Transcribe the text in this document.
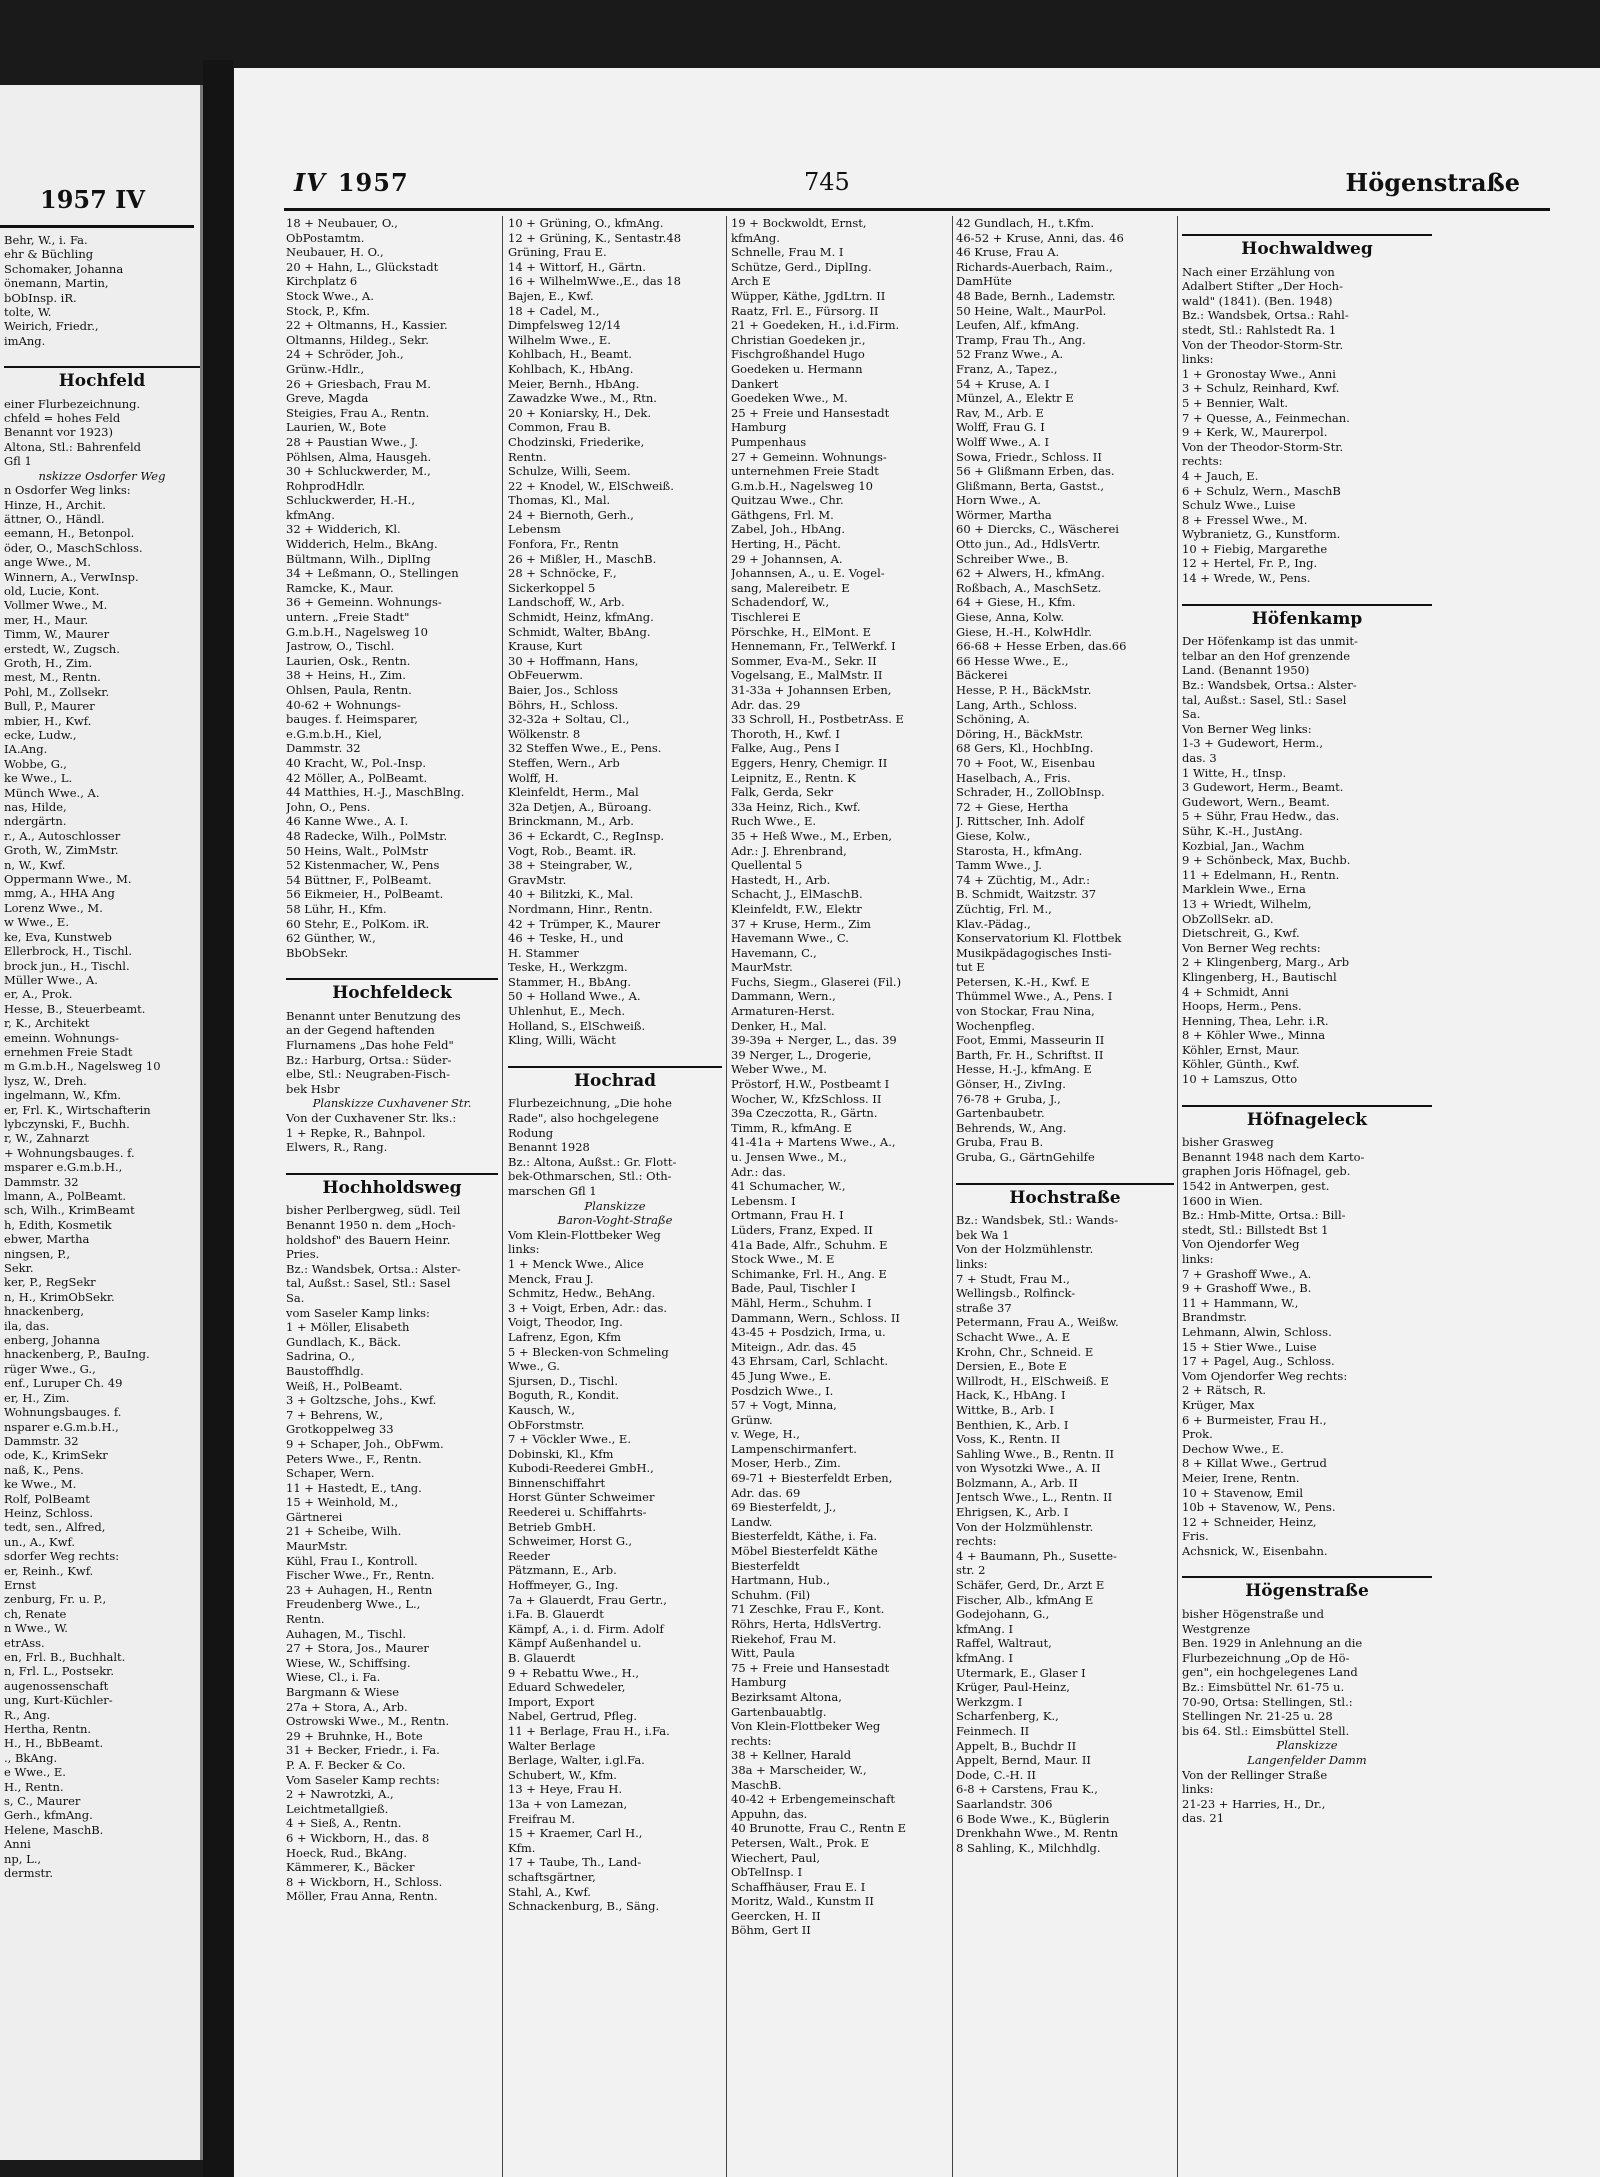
1957 IV
Behr, W., i. Fa.
ehr & Büchling
Schomaker, Johanna
önemann, Martin,
bObInsp. iR.
tolte, W.
Weirich, Friedr.,
imAng.
Hochfeld
einer Flurbezeichnung.
chfeld = hohes Feld
Benannt vor 1923)
Altona, Stl.: Bahrenfeld
Gfl 1
nskizze Osdorfer Weg
n Osdorfer Weg links:
Hinze, H., Archit.
ättner, O., Händl.
eemann, H., Betonpol.
öder, O., MaschSchloss.
ange Wwe., M.
Winnern, A., VerwInsp.
old, Lucie, Kont.
Vollmer Wwe., M.
mer, H., Maur.
Timm, W., Maurer
erstedt, W., Zugsch.
Groth, H., Zim.
mest, M., Rentn.
Pohl, M., Zollsekr.
Bull, P., Maurer
mbier, H., Kwf.
ecke, Ludw.,
IA.Ang.
Wobbe, G.,
ke Wwe., L.
Münch Wwe., A.
nas, Hilde,
ndergärtn.
r., A., Autoschlosser
Groth, W., ZimMstr.
n, W., Kwf.
Oppermann Wwe., M.
mmg, A., HHA Ang
Lorenz Wwe., M.
w Wwe., E.
ke, Eva, Kunstweb
Ellerbrock, H., Tischl.
brock jun., H., Tischl.
Müller Wwe., A.
er, A., Prok.
Hesse, B., Steuerbeamt.
r, K., Architekt
emeinn. Wohnungs-
ernehmen Freie Stadt
m G.m.b.H., Nagelsweg 10
lysz, W., Dreh.
ingelmann, W., Kfm.
er, Frl. K., Wirtschafterin
lybczynski, F., Buchh.
r, W., Zahnarzt
+ Wohnungsbauges. f.
msparer e.G.m.b.H.,
Dammstr. 32
lmann, A., PolBeamt.
sch, Wilh., KrimBeamt
h, Edith, Kosmetik
ebwer, Martha
ningsen, P.,
Sekr.
ker, P., RegSekr
n, H., KrimObSekr.
hnackenberg,
ila, das.
enberg, Johanna
hnackenberg, P., BauIng.
rüger Wwe., G.,
enf., Luruper Ch. 49
er, H., Zim.
Wohnungsbauges. f.
nsparer e.G.m.b.H.,
Dammstr. 32
ode, K., KrimSekr
naß, K., Pens.
ke Wwe., M.
Rolf, PolBeamt
Heinz, Schloss.
tedt, sen., Alfred,
un., A., Kwf.
sdorfer Weg rechts:
er, Reinh., Kwf.
Ernst
zenburg, Fr. u. P.,
ch, Renate
n Wwe., W.
etrAss.
en, Frl. B., Buchhalt.
n, Frl. L., Postsekr.
augenossenschaft
ung, Kurt-Küchler-
R., Ang.
Hertha, Rentn.
H., H., BbBeamt.
., BkAng.
e Wwe., E.
H., Rentn.
s, C., Maurer
Gerh., kfmAng.
Helene, MaschB.
Anni
np, L.,
dermstr.
IV 1957	745	Högenstraße
18 + Neubauer, O.,
ObPostamtm.
Neubauer, H. O.,
20 + Hahn, L., Glückstadt
Kirchplatz 6
Stock Wwe., A.
Stock, P., Kfm.
22 + Oltmanns, H., Kassier.
Oltmanns, Hildeg., Sekr.
24 + Schröder, Joh.,
Grünw.-Hdlr.,
26 + Griesbach, Frau M.
Greve, Magda
Steigies, Frau A., Rentn.
Laurien, W., Bote
28 + Paustian Wwe., J.
Pöhlsen, Alma, Hausgeh.
30 + Schluckwerder, M.,
RohprodHdlr.
Schluckwerder, H.-H.,
kfmAng.
32 + Widderich, Kl.
Widderich, Helm., BkAng.
Bültmann, Wilh., DiplIng
34 + Leßmann, O., Stellingen
Ramcke, K., Maur.
36 + Gemeinn. Wohnungs-
untern. „Freie Stadt"
G.m.b.H., Nagelsweg 10
Jastrow, O., Tischl.
Laurien, Osk., Rentn.
38 + Heins, H., Zim.
Ohlsen, Paula, Rentn.
40-62 + Wohnungs-
bauges. f. Heimsparer,
e.G.m.b.H., Kiel,
Dammstr. 32
40 Kracht, W., Pol.-Insp.
42 Möller, A., PolBeamt.
44 Matthies, H.-J., MaschBlng.
John, O., Pens.
46 Kanne Wwe., A. I.
48 Radecke, Wilh., PolMstr.
50 Heins, Walt., PolMstr
52 Kistenmacher, W., Pens
54 Büttner, F., PolBeamt.
56 Eikmeier, H., PolBeamt.
58 Lühr, H., Kfm.
60 Stehr, E., PolKom. iR.
62 Günther, W.,
BbObSekr.
Hochfeldeck
Benannt unter Benutzung des
an der Gegend haftenden
Flurnamens „Das hohe Feld"
Bz.: Harburg, Ortsa.: Süder-
elbe, Stl.: Neugraben-Fisch-
bek Hsbr
Planskizze Cuxhavener Str.
Von der Cuxhavener Str. lks.:
1 + Repke, R., Bahnpol.
Elwers, R., Rang.
Hochholdsweg
bisher Perlbergweg, südl. Teil
Benannt 1950 n. dem „Hoch-
holdshof" des Bauern Heinr.
Pries.
Bz.: Wandsbek, Ortsa.: Alster-
tal, Außst.: Sasel, Stl.: Sasel
Sa.
vom Saseler Kamp links:
1 + Möller, Elisabeth
Gundlach, K., Bäck.
Sadrina, O.,
Baustoffhdlg.
Weiß, H., PolBeamt.
3 + Goltzsche, Johs., Kwf.
7 + Behrens, W.,
Grotkoppelweg 33
9 + Schaper, Joh., ObFwm.
Peters Wwe., F., Rentn.
Schaper, Wern.
11 + Hastedt, E., tAng.
15 + Weinhold, M.,
Gärtnerei
21 + Scheibe, Wilh.
MaurMstr.
Kühl, Frau I., Kontroll.
Fischer Wwe., Fr., Rentn.
23 + Auhagen, H., Rentn
Freudenberg Wwe., L.,
Rentn.
Auhagen, M., Tischl.
27 + Stora, Jos., Maurer
Wiese, W., Schiffsing.
Wiese, Cl., i. Fa.
Bargmann & Wiese
27a + Stora, A., Arb.
Ostrowski Wwe., M., Rentn.
29 + Bruhnke, H., Bote
31 + Becker, Friedr., i. Fa.
P. A. F. Becker & Co.
Vom Saseler Kamp rechts:
2 + Nawrotzki, A.,
Leichtmetallgieß.
4 + Sieß, A., Rentn.
6 + Wickborn, H., das. 8
Hoeck, Rud., BkAng.
Kämmerer, K., Bäcker
8 + Wickborn, H., Schloss.
Möller, Frau Anna, Rentn.
10 + Grüning, O., kfmAng.
12 + Grüning, K., Sentastr.48
Grüning, Frau E.
14 + Wittorf, H., Gärtn.
16 + WilhelmWwe.,E., das 18
Bajen, E., Kwf.
18 + Cadel, M.,
Dimpfelsweg 12/14
Wilhelm Wwe., E.
Kohlbach, H., Beamt.
Kohlbach, K., HbAng.
Meier, Bernh., HbAng.
Zawadzke Wwe., M., Rtn.
20 + Koniarsky, H., Dek.
Common, Frau B.
Chodzinski, Friederike,
Rentn.
Schulze, Willi, Seem.
22 + Knodel, W., ElSchweiß.
Thomas, Kl., Mal.
24 + Biernoth, Gerh.,
Lebensm
Fonfora, Fr., Rentn
26 + Mißler, H., MaschB.
28 + Schnöcke, F.,
Sickerkoppel 5
Landschoff, W., Arb.
Schmidt, Heinz, kfmAng.
Schmidt, Walter, BbAng.
Krause, Kurt
30 + Hoffmann, Hans,
ObFeuerwm.
Baier, Jos., Schloss
Böhrs, H., Schloss.
32-32a + Soltau, Cl.,
Wölkenstr. 8
32 Steffen Wwe., E., Pens.
Steffen, Wern., Arb
Wolff, H.
Kleinfeldt, Herm., Mal
32a Detjen, A., Büroang.
Brinckmann, M., Arb.
36 + Eckardt, C., RegInsp.
Vogt, Rob., Beamt. iR.
38 + Steingraber, W.,
GravMstr.
40 + Bilitzki, K., Mal.
Nordmann, Hinr., Rentn.
42 + Trümper, K., Maurer
46 + Teske, H., und
H. Stammer
Teske, H., Werkzgm.
Stammer, H., BbAng.
50 + Holland Wwe., A.
Uhlenhut, E., Mech.
Holland, S., ElSchweiß.
Kling, Willi, Wächt
Hochrad
Flurbezeichnung, „Die hohe
Rade", also hochgelegene
Rodung
Benannt 1928
Bz.: Altona, Außst.: Gr. Flott-
bek-Othmarschen, Stl.: Oth-
marschen Gfl 1
Planskizze
Baron-Voght-Straße
Vom Klein-Flottbeker Weg
links:
1 + Menck Wwe., Alice
Menck, Frau J.
Schmitz, Hedw., BehAng.
3 + Voigt, Erben, Adr.: das.
Voigt, Theodor, Ing.
Lafrenz, Egon, Kfm
5 + Blecken-von Schmeling
Wwe., G.
Sjursen, D., Tischl.
Boguth, R., Kondit.
Kausch, W.,
ObForstmstr.
7 + Vöckler Wwe., E.
Dobinski, Kl., Kfm
Kubodi-Reederei GmbH.,
Binnenschiffahrt
Horst Günter Schweimer
Reederei u. Schiffahrts-
Betrieb GmbH.
Schweimer, Horst G.,
Reeder
Pätzmann, E., Arb.
Hoffmeyer, G., Ing.
7a + Glauerdt, Frau Gertr.,
i.Fa. B. Glauerdt
Kämpf, A., i. d. Firm. Adolf
Kämpf Außenhandel u.
B. Glauerdt
9 + Rebattu Wwe., H.,
Eduard Schwedeler,
Import, Export
Nabel, Gertrud, Pfleg.
11 + Berlage, Frau H., i.Fa.
Walter Berlage
Berlage, Walter, i.gl.Fa.
Schubert, W., Kfm.
13 + Heye, Frau H.
13a + von Lamezan,
Freifrau M.
15 + Kraemer, Carl H.,
Kfm.
17 + Taube, Th., Land-
schaftsgärtner,
Stahl, A., Kwf.
Schnackenburg, B., Säng.
19 + Bockwoldt, Ernst,
kfmAng.
Schnelle, Frau M. I
Schütze, Gerd., DiplIng.
Arch E
Wüpper, Käthe, JgdLtrn. II
Raatz, Frl. E., Fürsorg. II
21 + Goedeken, H., i.d.Firm.
Christian Goedeken jr.,
Fischgroßhandel Hugo
Goedeken u. Hermann
Dankert
Goedeken Wwe., M.
25 + Freie und Hansestadt
Hamburg
Pumpenhaus
27 + Gemeinn. Wohnungs-
unternehmen Freie Stadt
G.m.b.H., Nagelsweg 10
Quitzau Wwe., Chr.
Gäthgens, Frl. M.
Zabel, Joh., HbAng.
Herting, H., Pächt.
29 + Johannsen, A.
Johannsen, A., u. E. Vogel-
sang, Malereibetr. E
Schadendorf, W.,
Tischlerei E
Pörschke, H., ElMont. E
Hennemann, Fr., TelWerkf. I
Sommer, Eva-M., Sekr. II
Vogelsang, E., MalMstr. II
31-33a + Johannsen Erben,
Adr. das. 29
33 Schroll, H., PostbetrAss. E
Thoroth, H., Kwf. I
Falke, Aug., Pens I
Eggers, Henry, Chemigr. II
Leipnitz, E., Rentn. K
Falk, Gerda, Sekr
33a Heinz, Rich., Kwf.
Ruch Wwe., E.
35 + Heß Wwe., M., Erben,
Adr.: J. Ehrenbrand,
Quellental 5
Hastedt, H., Arb.
Schacht, J., ElMaschB.
Kleinfeldt, F.W., Elektr
37 + Kruse, Herm., Zim
Havemann Wwe., C.
Havemann, C.,
MaurMstr.
Fuchs, Siegm., Glaserei (Fil.)
Dammann, Wern.,
Armaturen-Herst.
Denker, H., Mal.
39-39a + Nerger, L., das. 39
39 Nerger, L., Drogerie,
Weber Wwe., M.
Pröstorf, H.W., Postbeamt I
Wocher, W., KfzSchloss. II
39a Czeczotta, R., Gärtn.
Timm, R., kfmAng. E
41-41a + Martens Wwe., A.,
u. Jensen Wwe., M.,
Adr.: das.
41 Schumacher, W.,
Lebensm. I
Ortmann, Frau H. I
Lüders, Franz, Exped. II
41a Bade, Alfr., Schuhm. E
Stock Wwe., M. E
Schimanke, Frl. H., Ang. E
Bade, Paul, Tischler I
Mähl, Herm., Schuhm. I
Dammann, Wern., Schloss. II
43-45 + Posdzich, Irma, u.
Miteign., Adr. das. 45
43 Ehrsam, Carl, Schlacht.
45 Jung Wwe., E.
Posdzich Wwe., I.
57 + Vogt, Minna,
Grünw.
v. Wege, H.,
Lampenschirmanfert.
Moser, Herb., Zim.
69-71 + Biesterfeldt Erben,
Adr. das. 69
69 Biesterfeldt, J.,
Landw.
Biesterfeldt, Käthe, i. Fa.
Möbel Biesterfeldt Käthe
Biesterfeldt
Hartmann, Hub.,
Schuhm. (Fil)
71 Zeschke, Frau F., Kont.
Röhrs, Herta, HdlsVertrg.
Riekehof, Frau M.
Witt, Paula
75 + Freie und Hansestadt
Hamburg
Bezirksamt Altona,
Gartenbauabtlg.
Von Klein-Flottbeker Weg
rechts:
38 + Kellner, Harald
38a + Marscheider, W.,
MaschB.
40-42 + Erbengemeinschaft
Appuhn, das.
40 Brunotte, Frau C., Rentn E
Petersen, Walt., Prok. E
Wiechert, Paul,
ObTelInsp. I
Schaffhäuser, Frau E. I
Moritz, Wald., Kunstm II
Geercken, H. II
Böhm, Gert II
42 Gundlach, H., t.Kfm.
46-52 + Kruse, Anni, das. 46
46 Kruse, Frau A.
Richards-Auerbach, Raim.,
DamHüte
48 Bade, Bernh., Lademstr.
50 Heine, Walt., MaurPol.
Leufen, Alf., kfmAng.
Tramp, Frau Th., Ang.
52 Franz Wwe., A.
Franz, A., Tapez.,
54 + Kruse, A. I
Münzel, A., Elektr E
Rav, M., Arb. E
Wolff, Frau G. I
Wolff Wwe., A. I
Sowa, Friedr., Schloss. II
56 + Glißmann Erben, das.
Glißmann, Berta, Gastst.,
Horn Wwe., A.
Wörmer, Martha
60 + Diercks, C., Wäscherei
Otto jun., Ad., HdlsVertr.
Schreiber Wwe., B.
62 + Alwers, H., kfmAng.
Roßbach, A., MaschSetz.
64 + Giese, H., Kfm.
Giese, Anna, Kolw.
Giese, H.-H., KolwHdlr.
66-68 + Hesse Erben, das.66
66 Hesse Wwe., E.,
Bäckerei
Hesse, P. H., BäckMstr.
Lang, Arth., Schloss.
Schöning, A.
Döring, H., BäckMstr.
68 Gers, Kl., HochbIng.
70 + Foot, W., Eisenbau
Haselbach, A., Fris.
Schrader, H., ZollObInsp.
72 + Giese, Hertha
J. Rittscher, Inh. Adolf
Giese, Kolw.,
Starosta, H., kfmAng.
Tamm Wwe., J.
74 + Züchtig, M., Adr.:
B. Schmidt, Waitzstr. 37
Züchtig, Frl. M.,
Klav.-Pädag.,
Konservatorium Kl. Flottbek
Musikpädagogisches Insti-
tut E
Petersen, K.-H., Kwf. E
Thümmel Wwe., A., Pens. I
von Stockar, Frau Nina,
Wochenpfleg.
Foot, Emmi, Masseurin II
Barth, Fr. H., Schriftst. II
Hesse, H.-J., kfmAng. E
Gönser, H., ZivIng.
76-78 + Gruba, J.,
Gartenbaubetr.
Behrends, W., Ang.
Gruba, Frau B.
Gruba, G., GärtnGehilfe
Hochstraße
Bz.: Wandsbek, Stl.: Wands-
bek Wa 1
Von der Holzmühlenstr.
links:
7 + Studt, Frau M.,
Wellingsb., Rolfinck-
straße 37
Petermann, Frau A., Weißw.
Schacht Wwe., A. E
Krohn, Chr., Schneid. E
Dersien, E., Bote E
Willrodt, H., ElSchweiß. E
Hack, K., HbAng. I
Wittke, B., Arb. I
Benthien, K., Arb. I
Voss, K., Rentn. II
Sahling Wwe., B., Rentn. II
von Wysotzki Wwe., A. II
Bolzmann, A., Arb. II
Jentsch Wwe., L., Rentn. II
Ehrigsen, K., Arb. I
Von der Holzmühlenstr.
rechts:
4 + Baumann, Ph., Susette-
str. 2
Schäfer, Gerd, Dr., Arzt E
Fischer, Alb., kfmAng E
Godejohann, G.,
kfmAng. I
Raffel, Waltraut,
kfmAng. I
Utermark, E., Glaser I
Krüger, Paul-Heinz,
Werkzgm. I
Scharfenberg, K.,
Feinmech. II
Appelt, B., Buchdr II
Appelt, Bernd, Maur. II
Dode, C.-H. II
6-8 + Carstens, Frau K.,
Saarlandstr. 306
6 Bode Wwe., K., Büglerin
Drenkhahn Wwe., M. Rentn
8 Sahling, K., Milchhdlg.
Hochwaldweg
Nach einer Erzählung von
Adalbert Stifter „Der Hoch-
wald" (1841). (Ben. 1948)
Bz.: Wandsbek, Ortsa.: Rahl-
stedt, Stl.: Rahlstedt Ra. 1
Von der Theodor-Storm-Str.
links:
1 + Gronostay Wwe., Anni
3 + Schulz, Reinhard, Kwf.
5 + Bennier, Walt.
7 + Quesse, A., Feinmechan.
9 + Kerk, W., Maurerpol.
Von der Theodor-Storm-Str.
rechts:
4 + Jauch, E.
6 + Schulz, Wern., MaschB
Schulz Wwe., Luise
8 + Fressel Wwe., M.
Wybranietz, G., Kunstform.
10 + Fiebig, Margarethe
12 + Hertel, Fr. P., Ing.
14 + Wrede, W., Pens.
Höfenkamp
Der Höfenkamp ist das unmit-
telbar an den Hof grenzende
Land. (Benannt 1950)
Bz.: Wandsbek, Ortsa.: Alster-
tal, Außst.: Sasel, Stl.: Sasel
Sa.
Von Berner Weg links:
1-3 + Gudewort, Herm.,
das. 3
1 Witte, H., tInsp.
3 Gudewort, Herm., Beamt.
Gudewort, Wern., Beamt.
5 + Sühr, Frau Hedw., das.
Sühr, K.-H., JustAng.
Kozbial, Jan., Wachm
9 + Schönbeck, Max, Buchb.
11 + Edelmann, H., Rentn.
Marklein Wwe., Erna
13 + Wriedt, Wilhelm,
ObZollSekr. aD.
Dietschreit, G., Kwf.
Von Berner Weg rechts:
2 + Klingenberg, Marg., Arb
Klingenberg, H., Bautischl
4 + Schmidt, Anni
Hoops, Herm., Pens.
Henning, Thea, Lehr. i.R.
8 + Köhler Wwe., Minna
Köhler, Ernst, Maur.
Köhler, Günth., Kwf.
10 + Lamszus, Otto
Höfnageleck
bisher Grasweg
Benannt 1948 nach dem Karto-
graphen Joris Höfnagel, geb.
1542 in Antwerpen, gest.
1600 in Wien.
Bz.: Hmb-Mitte, Ortsa.: Bill-
stedt, Stl.: Billstedt Bst 1
Von Ojendorfer Weg
links:
7 + Grashoff Wwe., A.
9 + Grashoff Wwe., B.
11 + Hammann, W.,
Brandmstr.
Lehmann, Alwin, Schloss.
15 + Stier Wwe., Luise
17 + Pagel, Aug., Schloss.
Vom Ojendorfer Weg rechts:
2 + Rätsch, R.
Krüger, Max
6 + Burmeister, Frau H.,
Prok.
Dechow Wwe., E.
8 + Killat Wwe., Gertrud
Meier, Irene, Rentn.
10 + Stavenow, Emil
10b + Stavenow, W., Pens.
12 + Schneider, Heinz,
Fris.
Achsnick, W., Eisenbahn.
Högenstraße
bisher Högenstraße und
Westgrenze
Ben. 1929 in Anlehnung an die
Flurbezeichnung „Op de Hö-
gen", ein hochgelegenes Land
Bz.: Eimsbüttel Nr. 61-75 u.
70-90, Ortsa: Stellingen, Stl.:
Stellingen Nr. 21-25 u. 28
bis 64. Stl.: Eimsbüttel Stell.
Planskizze
Langenfelder Damm
Von der Rellinger Straße
links:
21-23 + Harries, H., Dr.,
das. 21
